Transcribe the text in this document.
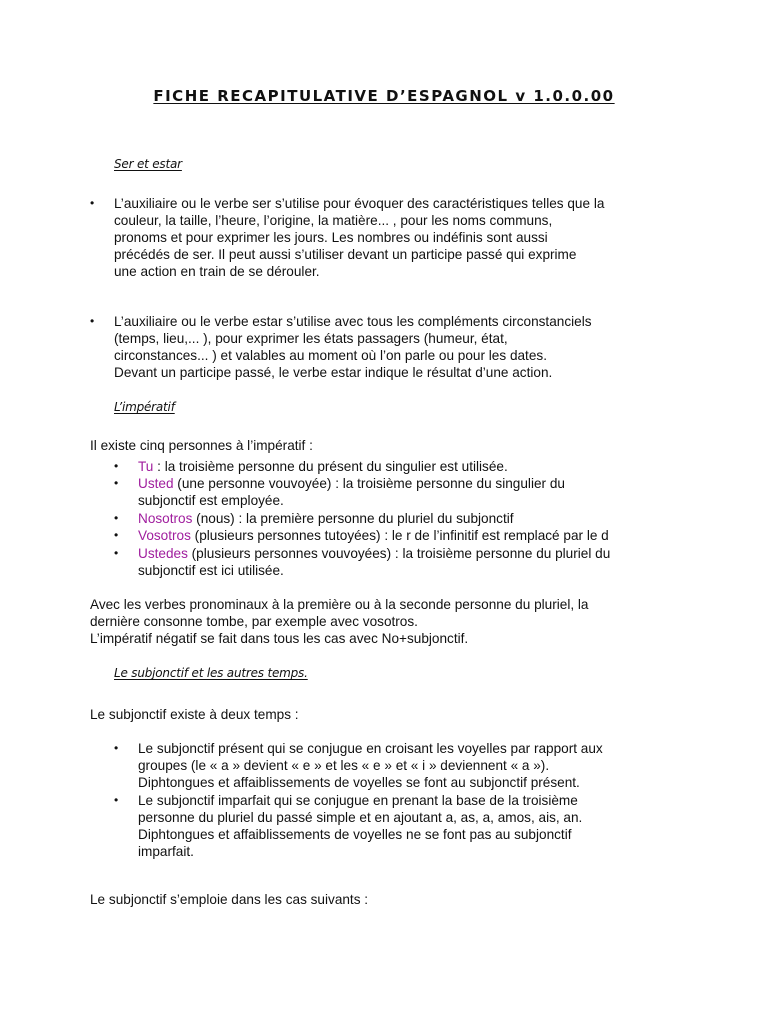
FICHE RECAPITULATIVE D’ESPAGNOL v 1.0.0.00
Ser et estar
• L’auxiliaire ou le verbe ser s’utilise pour évoquer des caractéristiques telles que la
couleur, la taille, l’heure, l’origine, la matière... , pour les noms communs,
pronoms et pour exprimer les jours. Les nombres ou indéfinis sont aussi
précédés de ser. Il peut aussi s’utiliser devant un participe passé qui exprime
une action en train de se dérouler.
• L’auxiliaire ou le verbe estar s’utilise avec tous les compléments circonstanciels
(temps, lieu,... ), pour exprimer les états passagers (humeur, état,
circonstances... ) et valables au moment où l’on parle ou pour les dates.
Devant un participe passé, le verbe estar indique le résultat d’une action.
L’impératif
Il existe cinq personnes à l’impératif :
• Tu : la troisième personne du présent du singulier est utilisée.
• Usted (une personne vouvoyée) : la troisième personne du singulier du
subjonctif est employée.
• Nosotros (nous) : la première personne du pluriel du subjonctif
• Vosotros (plusieurs personnes tutoyées) : le r de l’infinitif est remplacé par le d
• Ustedes (plusieurs personnes vouvoyées) : la troisième personne du pluriel du
subjonctif est ici utilisée.
Avec les verbes pronominaux à la première ou à la seconde personne du pluriel, la
dernière consonne tombe, par exemple avec vosotros.
L’impératif négatif se fait dans tous les cas avec No+subjonctif.
Le subjonctif et les autres temps.
Le subjonctif existe à deux temps :
• Le subjonctif présent qui se conjugue en croisant les voyelles par rapport aux
groupes (le « a » devient « e » et les « e » et « i » deviennent « a »).
Diphtongues et affaiblissements de voyelles se font au subjonctif présent.
• Le subjonctif imparfait qui se conjugue en prenant la base de la troisième
personne du pluriel du passé simple et en ajoutant a, as, a, amos, ais, an.
Diphtongues et affaiblissements de voyelles ne se font pas au subjonctif
imparfait.
Le subjonctif s’emploie dans les cas suivants :
